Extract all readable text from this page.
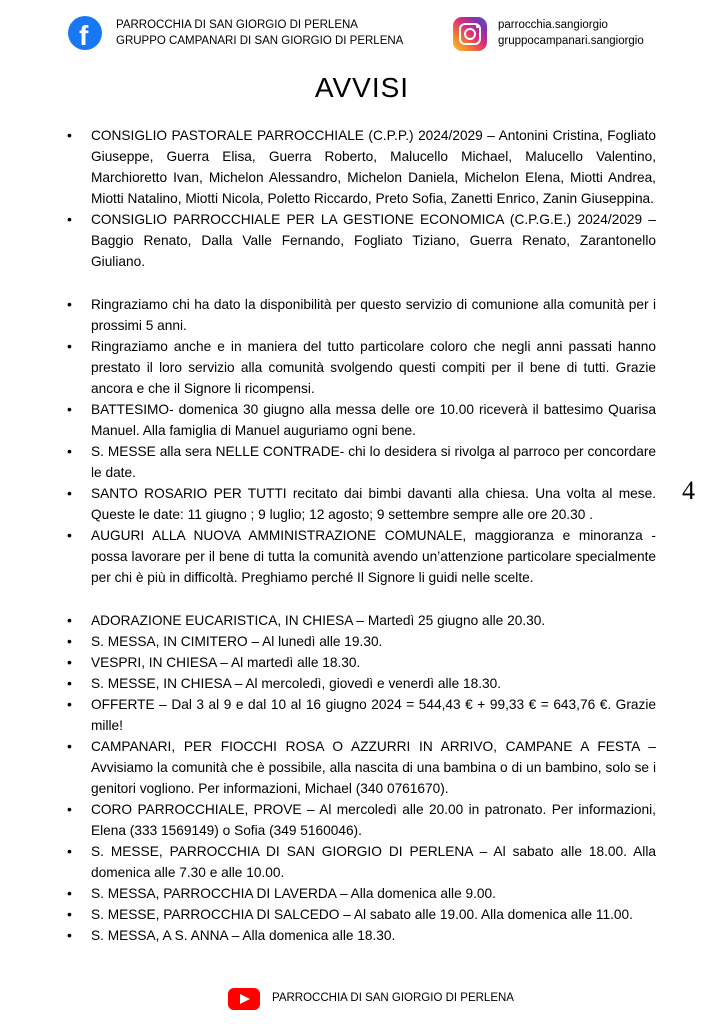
f PARROCCHIA DI SAN GIORGIO DI PERLENA
GRUPPO CAMPANARI DI SAN GIORGIO DI PERLENA
parrocchia.sangiorgio
gruppocampanari.sangiorgio
AVVISI
• CONSIGLIO PASTORALE PARROCCHIALE (C.P.P.) 2024/2029 – Antonini Cristina, Fogliato Giuseppe, Guerra Elisa, Guerra Roberto, Malucello Michael, Malucello Valentino, Marchioretto Ivan, Michelon Alessandro, Michelon Daniela, Michelon Elena, Miotti Andrea, Miotti Natalino, Miotti Nicola, Poletto Riccardo, Preto Sofia, Zanetti Enrico, Zanin Giuseppina.
• CONSIGLIO PARROCCHIALE PER LA GESTIONE ECONOMICA (C.P.G.E.) 2024/2029 – Baggio Renato, Dalla Valle Fernando, Fogliato Tiziano, Guerra Renato, Zarantonello Giuliano.
• Ringraziamo chi ha dato la disponibilità per questo servizio di comunione alla comunità per i prossimi 5 anni.
• Ringraziamo anche e in maniera del tutto particolare coloro che negli anni passati hanno prestato il loro servizio alla comunità svolgendo questi compiti per il bene di tutti. Grazie ancora e che il Signore li ricompensi.
• BATTESIMO- domenica 30 giugno alla messa delle ore 10.00 riceverà il battesimo Quarisa Manuel. Alla famiglia di Manuel auguriamo ogni bene.
• S. MESSE alla sera NELLE CONTRADE- chi lo desidera si rivolga al parroco per concordare le date.
• SANTO ROSARIO PER TUTTI recitato dai bimbi davanti alla chiesa. Una volta al mese. Queste le date: 11 giugno ; 9 luglio; 12 agosto; 9 settembre sempre alle ore 20.30 .
• AUGURI ALLA NUOVA AMMINISTRAZIONE COMUNALE, maggioranza e minoranza - possa lavorare per il bene di tutta la comunità avendo un’attenzione particolare specialmente per chi è più in difficoltà. Preghiamo perché Il Signore li guidi nelle scelte.
• ADORAZIONE EUCARISTICA, IN CHIESA – Martedì 25 giugno alle 20.30.
• S. MESSA, IN CIMITERO – Al lunedì alle 19.30.
• VESPRI, IN CHIESA – Al martedì alle 18.30.
• S. MESSE, IN CHIESA – Al mercoledì, giovedì e venerdì alle 18.30.
• OFFERTE – Dal 3 al 9 e dal 10 al 16 giugno 2024 = 544,43 € + 99,33 € = 643,76 €. Grazie mille!
• CAMPANARI, PER FIOCCHI ROSA O AZZURRI IN ARRIVO, CAMPANE A FESTA – Avvisiamo la comunità che è possibile, alla nascita di una bambina o di un bambino, solo se i genitori vogliono. Per informazioni, Michael (340 0761670).
• CORO PARROCCHIALE, PROVE – Al mercoledì alle 20.00 in patronato. Per informazioni, Elena (333 1569149) o Sofia (349 5160046).
• S. MESSE, PARROCCHIA DI SAN GIORGIO DI PERLENA – Al sabato alle 18.00. Alla domenica alle 7.30 e alle 10.00.
• S. MESSA, PARROCCHIA DI LAVERDA – Alla domenica alle 9.00.
• S. MESSE, PARROCCHIA DI SALCEDO – Al sabato alle 19.00. Alla domenica alle 11.00.
• S. MESSA, A S. ANNA – Alla domenica alle 18.30.
4
PARROCCHIA DI SAN GIORGIO DI PERLENA
